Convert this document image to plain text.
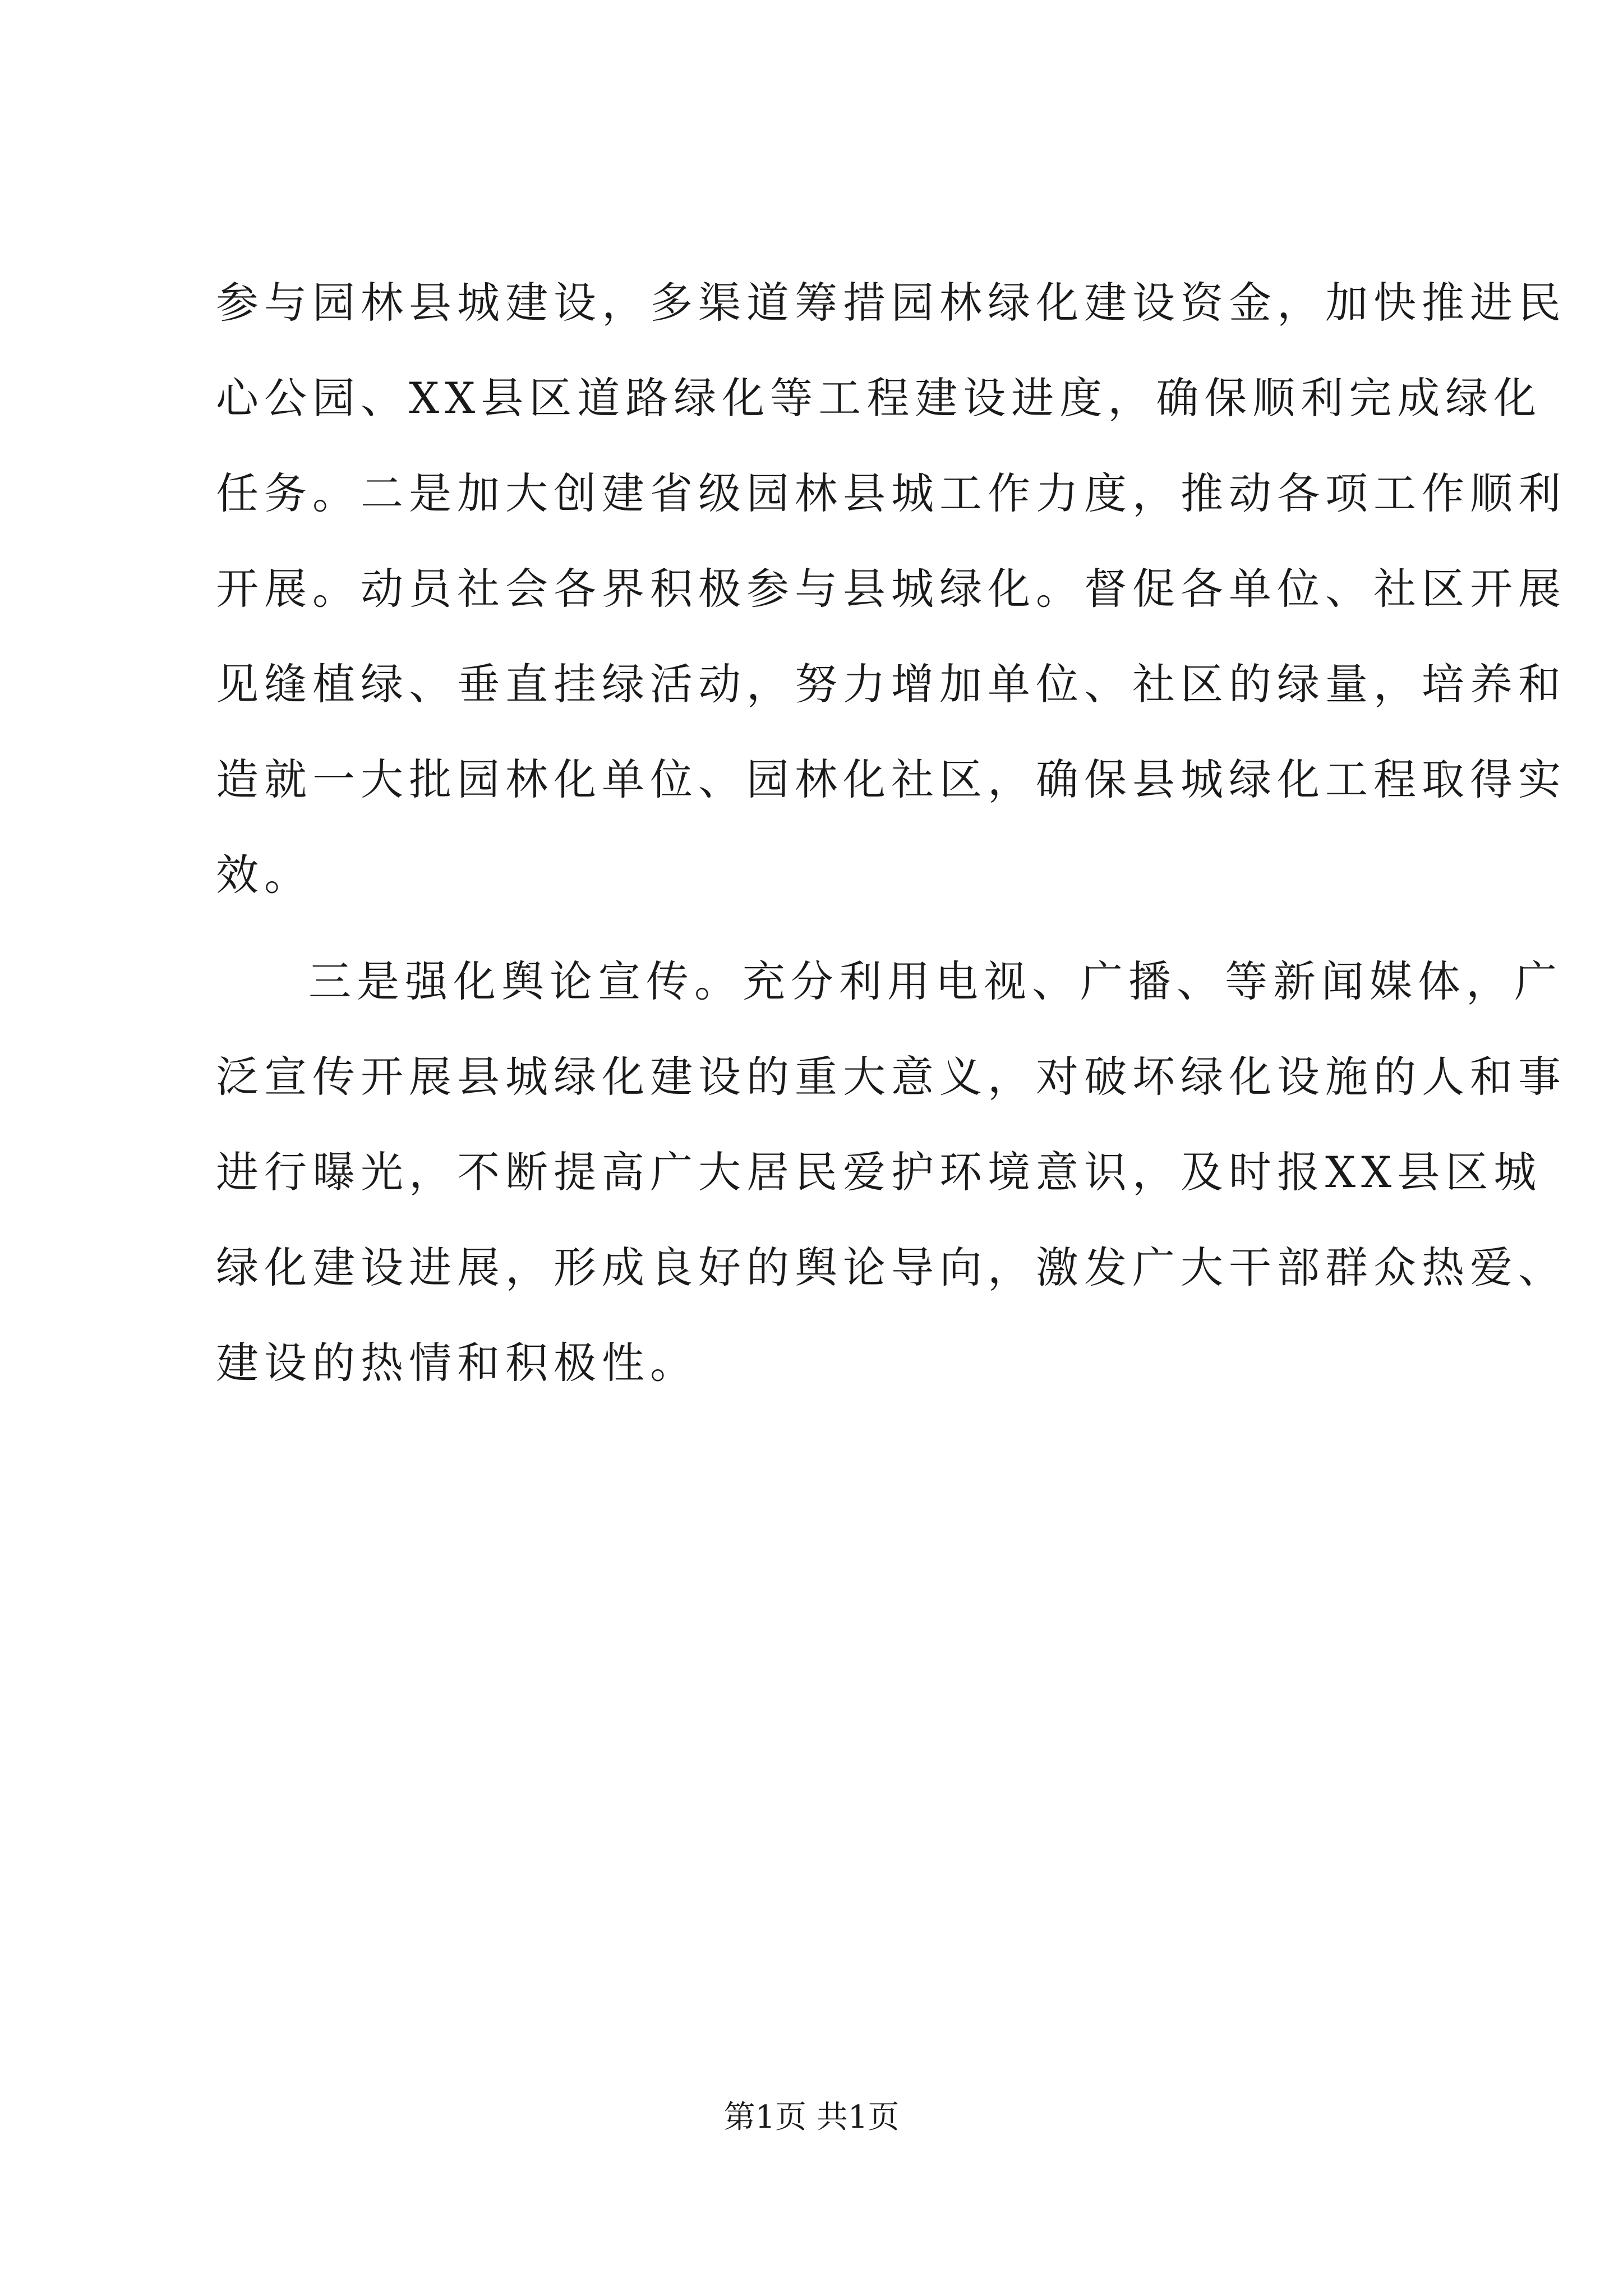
参与园林县城建设，多渠道筹措园林绿化建设资金，加快推进民
心公园、XX县区道路绿化等工程建设进度，确保顺利完成绿化
任务。二是加大创建省级园林县城工作力度，推动各项工作顺利
开展。动员社会各界积极参与县城绿化。督促各单位、社区开展
见缝植绿、垂直挂绿活动，努力增加单位、社区的绿量，培养和
造就一大批园林化单位、园林化社区，确保县城绿化工程取得实
效。
三是强化舆论宣传。充分利用电视、广播、等新闻媒体，广
泛宣传开展县城绿化建设的重大意义，对破坏绿化设施的人和事
进行曝光，不断提高广大居民爱护环境意识，及时报XX县区城
绿化建设进展，形成良好的舆论导向，激发广大干部群众热爱、
建设的热情和积极性。
第1页 共1页
